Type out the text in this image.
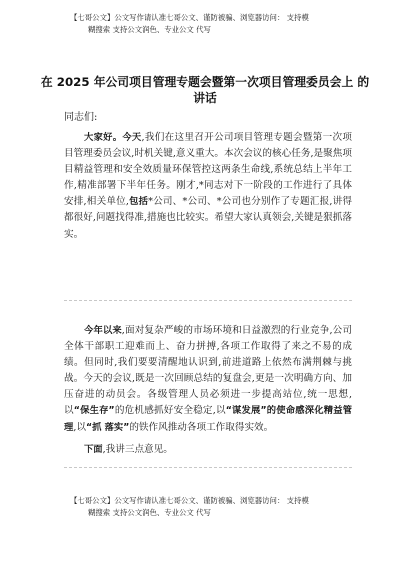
【七哥公文】公文写作请认准七哥公文、谨防被骗、浏览器访问： 支持模
糊搜索 支持公文润色、专业公文 代写
在 2025 年公司项目管理专题会暨第一次项目管理委员会上 的讲话
同志们:
大家好。今天,我们在这里召开公司项目管理专题会暨第一次项目管理委员会议,时机关键,意义重大。本次会议的核心任务,是聚焦项目精益管理和安全效质量环保管控这两条生命线,系统总结上半年工作,精准部署下半年任务。刚才,*同志对下一阶段的工作进行了具体安排,相关单位,包括*公司、*公司、*公司也分别作了专题汇报,讲得都很好,问题找得准,措施也比较实。希望大家认真领会,关键是狠抓落实。
今年以来,面对复杂严峻的市场环境和日益激烈的行业竞争,公司全体干部职工迎难而上、奋力拼搏,各项工作取得了来之不易的成绩。但同时,我们要要清醒地认识到,前进道路上依然布满荆棘与挑战。今天的会议,既是一次回顾总结的复盘会,更是一次明确方向、加压奋进的动员会。各级管理人员必须进一步提高站位,统一思想,以“保生存”的危机感抓好安全稳定,以“谋发展”的使命感深化精益管理,以“抓 落实”的铁作风推动各项工作取得实效。
下面,我讲三点意见。
【七哥公文】公文写作请认准七哥公文、谨防被骗、浏览器访问： 支持模
糊搜索 支持公文润色、专业公文 代写
